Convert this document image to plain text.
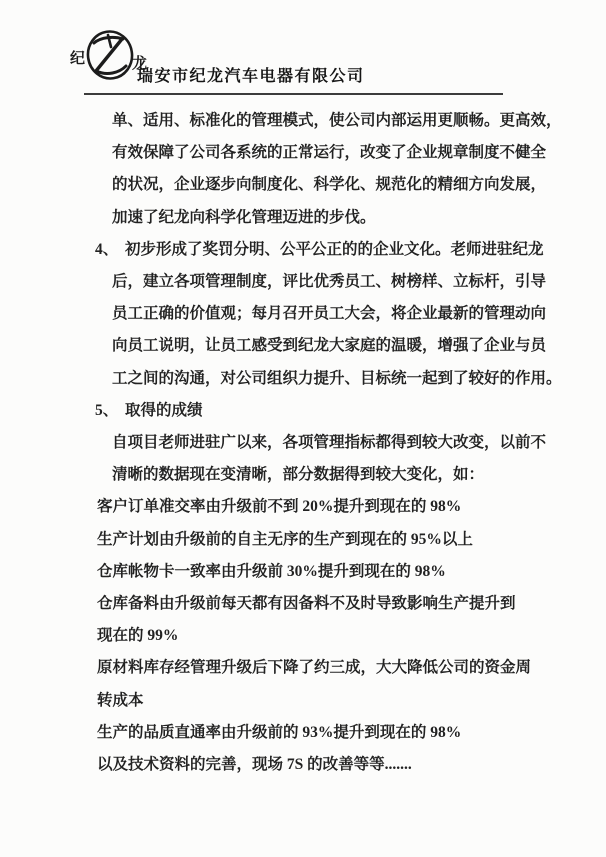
纪	龙
瑞安市纪龙汽车电器有限公司
单、适用、标准化的管理模式，使公司内部运用更顺畅。更高效，
有效保障了公司各系统的正常运行，改变了企业规章制度不健全
的状况，企业逐步向制度化、科学化、规范化的精细方向发展，
加速了纪龙向科学化管理迈进的步伐。
4、 初步形成了奖罚分明、公平公正的的企业文化。老师进驻纪龙
后，建立各项管理制度，评比优秀员工、树榜样、立标杆，引导
员工正确的价值观；每月召开员工大会，将企业最新的管理动向
向员工说明，让员工感受到纪龙大家庭的温暖，增强了企业与员
工之间的沟通，对公司组织力提升、目标统一起到了较好的作用。
5、 取得的成绩
自项目老师进驻广以来，各项管理指标都得到较大改变，以前不
清晰的数据现在变清晰，部分数据得到较大变化，如：
客户订单准交率由升级前不到 20%提升到现在的 98%
生产计划由升级前的自主无序的生产到现在的 95%以上
仓库帐物卡一致率由升级前 30%提升到现在的 98%
仓库备料由升级前每天都有因备料不及时导致影响生产提升到
现在的 99%
原材料库存经管理升级后下降了约三成，大大降低公司的资金周
转成本
生产的品质直通率由升级前的 93%提升到现在的 98%
以及技术资料的完善，现场 7S 的改善等等.......
